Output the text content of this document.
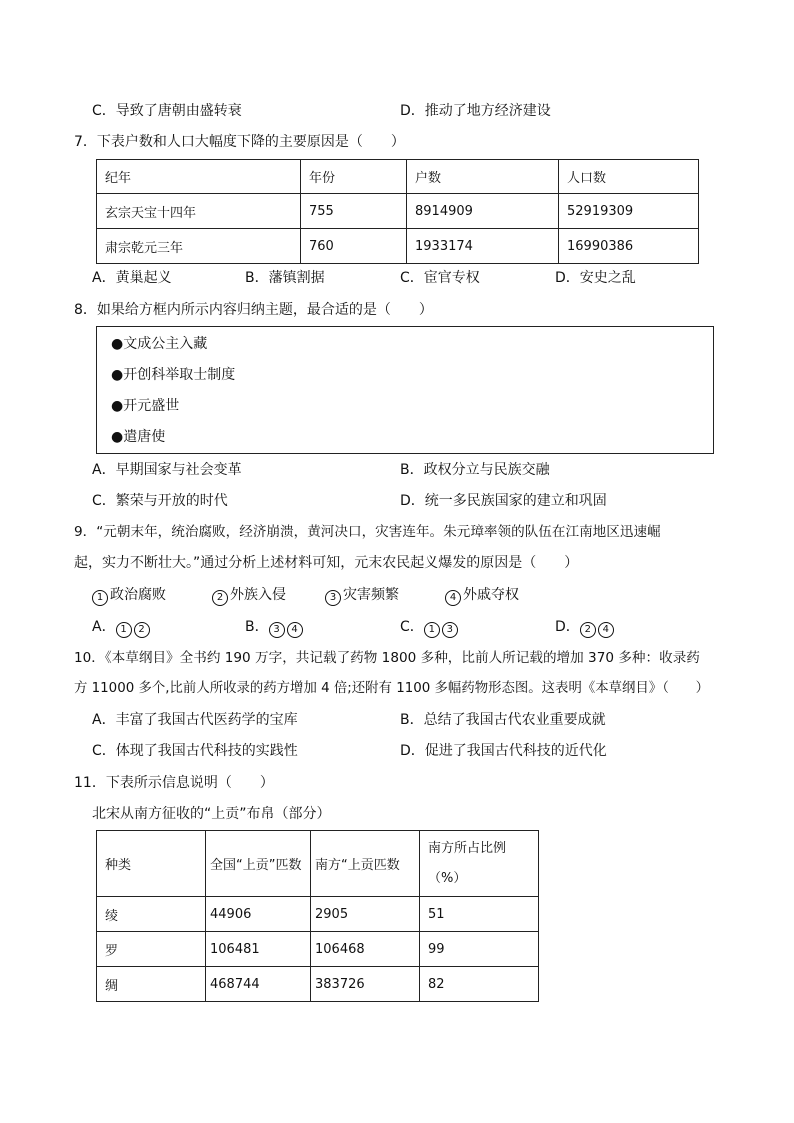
C．导致了唐朝由盛转衰	D．推动了地方经济建设
7．下表户数和人口大幅度下降的主要原因是（　　）
纪年	年份	户数	人口数
玄宗天宝十四年	755	8914909	52919309
肃宗乾元三年	760	1933174	16990386
A．黄巢起义	B．藩镇割据	C．宦官专权	D．安史之乱
8．如果给方框内所示内容归纳主题，最合适的是（　　）
●文成公主入藏
●开创科举取士制度
●开元盛世
●遣唐使
A．早期国家与社会变革	B．政权分立与民族交融
C．繁荣与开放的时代	D．统一多民族国家的建立和巩固
9．“元朝末年，统治腐败，经济崩溃，黄河决口，灾害连年。朱元璋率领的队伍在江南地区迅速崛
起，实力不断壮大。”通过分析上述材料可知，元末农民起义爆发的原因是（　　）
1 政治腐败	2 外族入侵	3 灾害频繁	4 外戚夺权
A． 1 2	B． 3 4	C． 1 3	D． 2 4
10．《本草纲目》全书约 190 万字，共记载了药物 1800 多种，比前人所记载的增加 370 多种：收录药
方 11000 多个,比前人所收录的药方增加 4 倍;还附有 1100 多幅药物形态图。这表明《本草纲目》（　　）
A．丰富了我国古代医药学的宝库	B．总结了我国古代农业重要成就
C．体现了我国古代科技的实践性	D．促进了我国古代科技的近代化
11．下表所示信息说明（　　）
北宋从南方征收的“上贡”布帛（部分）
种类	全国“上贡”匹数	南方“上贡匹数	南方所占比例（%）
绫	44906	2905	51
罗	106481	106468	99
绸	468744	383726	82
